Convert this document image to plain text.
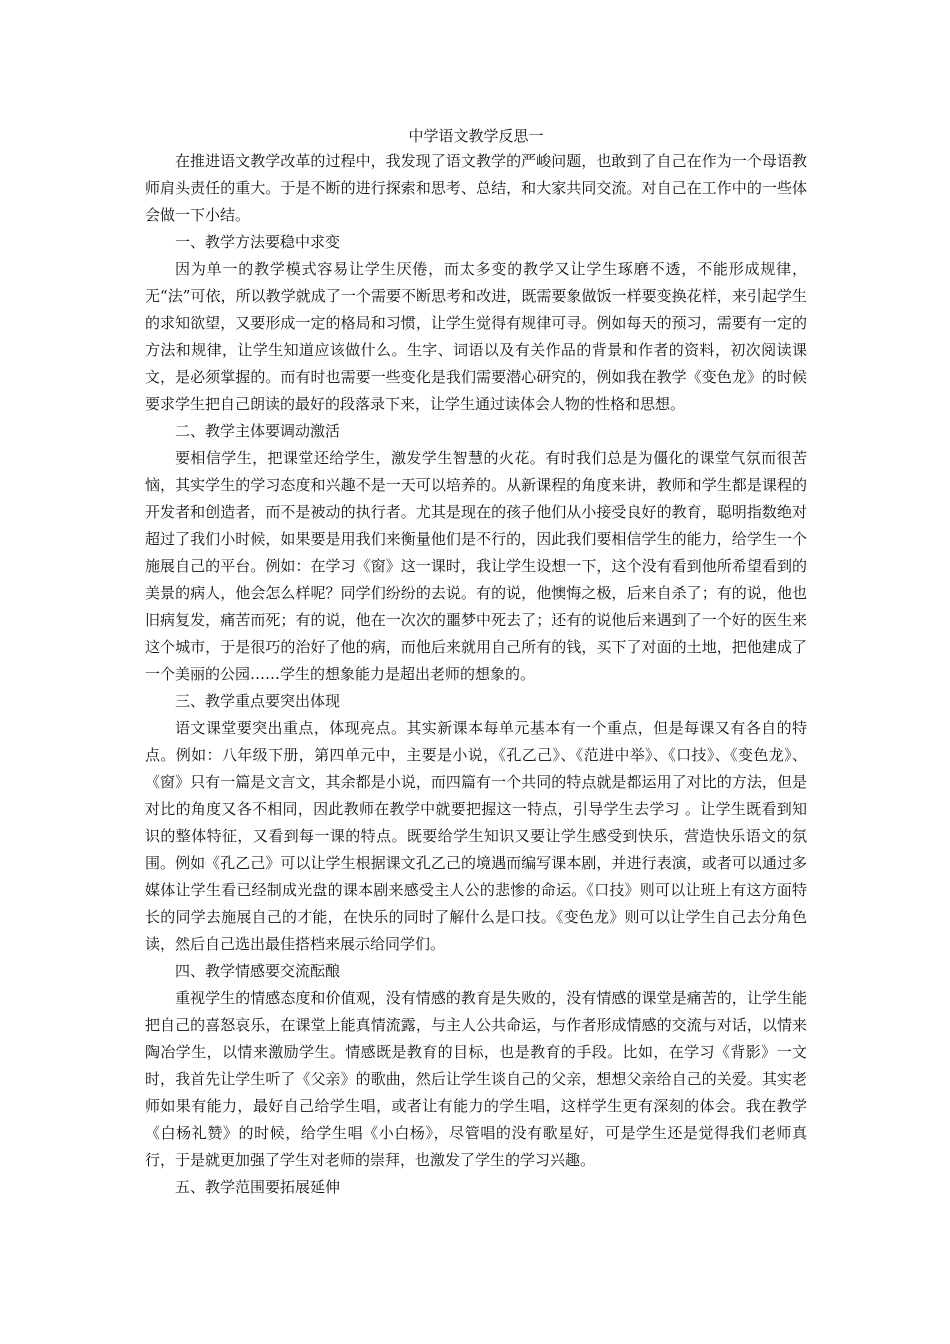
中学语文教学反思一

在推进语文教学改革的过程中，我发现了语文教学的严峻问题，也敢到了自己在作为一个母语教师肩头责任的重大。于是不断的进行探索和思考、总结，和大家共同交流。对自己在工作中的一些体会做一下小结。

一、教学方法要稳中求变

因为单一的教学模式容易让学生厌倦，而太多变的教学又让学生琢磨不透，不能形成规律，无“法”可依，所以教学就成了一个需要不断思考和改进，既需要象做饭一样要变换花样，来引起学生的求知欲望，又要形成一定的格局和习惯，让学生觉得有规律可寻。例如每天的预习，需要有一定的方法和规律，让学生知道应该做什么。生字、词语以及有关作品的背景和作者的资料，初次阅读课文，是必须掌握的。而有时也需要一些变化是我们需要潜心研究的，例如我在教学《变色龙》的时候要求学生把自己朗读的最好的段落录下来，让学生通过读体会人物的性格和思想。

二、教学主体要调动激活

要相信学生，把课堂还给学生，激发学生智慧的火花。有时我们总是为僵化的课堂气氛而很苦恼，其实学生的学习态度和兴趣不是一天可以培养的。从新课程的角度来讲，教师和学生都是课程的开发者和创造者，而不是被动的执行者。尤其是现在的孩子他们从小接受良好的教育，聪明指数绝对超过了我们小时候，如果要是用我们来衡量他们是不行的，因此我们要相信学生的能力，给学生一个施展自己的平台。例如：在学习《窗》这一课时，我让学生设想一下，这个没有看到他所希望看到的美景的病人，他会怎么样呢？同学们纷纷的去说。有的说，他懊悔之极，后来自杀了；有的说，他也旧病复发，痛苦而死；有的说，他在一次次的噩梦中死去了；还有的说他后来遇到了一个好的医生来这个城市，于是很巧的治好了他的病，而他后来就用自己所有的钱，买下了对面的土地，把他建成了一个美丽的公园……学生的想象能力是超出老师的想象的。

三、教学重点要突出体现

语文课堂要突出重点，体现亮点。其实新课本每单元基本有一个重点，但是每课又有各自的特点。例如：八年级下册，第四单元中，主要是小说，《孔乙己》、《范进中举》、《口技》、《变色龙》、《窗》只有一篇是文言文，其余都是小说，而四篇有一个共同的特点就是都运用了对比的方法，但是对比的角度又各不相同，因此教师在教学中就要把握这一特点，引导学生去学习 。让学生既看到知识的整体特征，又看到每一课的特点。既要给学生知识又要让学生感受到快乐，营造快乐语文的氛围。例如《孔乙己》可以让学生根据课文孔乙己的境遇而编写课本剧，并进行表演，或者可以通过多媒体让学生看已经制成光盘的课本剧来感受主人公的悲惨的命运。《口技》则可以让班上有这方面特长的同学去施展自己的才能，在快乐的同时了解什么是口技。《变色龙》则可以让学生自己去分角色读，然后自己选出最佳搭档来展示给同学们。

四、教学情感要交流酝酿

重视学生的情感态度和价值观，没有情感的教育是失败的，没有情感的课堂是痛苦的，让学生能把自己的喜怒哀乐，在课堂上能真情流露，与主人公共命运，与作者形成情感的交流与对话，以情来陶冶学生，以情来激励学生。情感既是教育的目标，也是教育的手段。比如，在学习《背影》一文时，我首先让学生听了《父亲》的歌曲，然后让学生谈自己的父亲，想想父亲给自己的关爱。其实老师如果有能力，最好自己给学生唱，或者让有能力的学生唱，这样学生更有深刻的体会。我在教学《白杨礼赞》的时候，给学生唱《小白杨》，尽管唱的没有歌星好，可是学生还是觉得我们老师真行，于是就更加强了学生对老师的崇拜，也激发了学生的学习兴趣。

五、教学范围要拓展延伸
